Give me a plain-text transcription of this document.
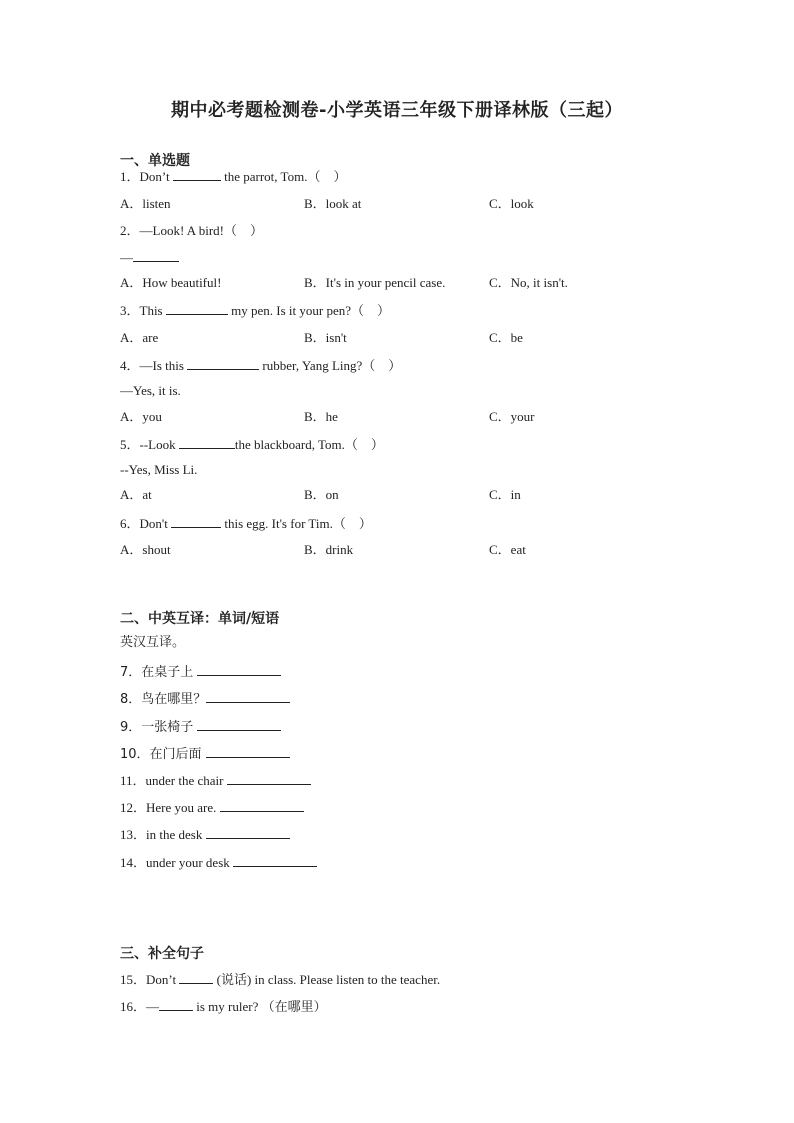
期中必考题检测卷-小学英语三年级下册译林版（三起）
一、单选题
1．Don’t	the parrot, Tom.（　）
A．listen	B．look at	C．look
2．—Look! A bird!（　）
—
A．How beautiful!	B．It's in your pencil case.	C．No, it isn't.
3．This	my pen. Is it your pen?（　）
A．are	B．isn't	C．be
4．—Is this	rubber, Yang Ling?（　）
—Yes, it is.
A．you	B．he	C．your
5．--Look	the blackboard, Tom.（　）
--Yes, Miss Li.
A．at	B．on	C．in
6．Don't	this egg. It's for Tim.（　）
A．shout	B．drink	C．eat
二、中英互译：单词/短语
英汉互译。
7．在桌子上
8．鸟在哪里？
9．一张椅子
10．在门后面
11．under the chair
12．Here you are.
13．in the desk
14．under your desk
三、补全句子
15．Don’t	(说话) in class. Please listen to the teacher.
16．—	is my ruler? （在哪里）
